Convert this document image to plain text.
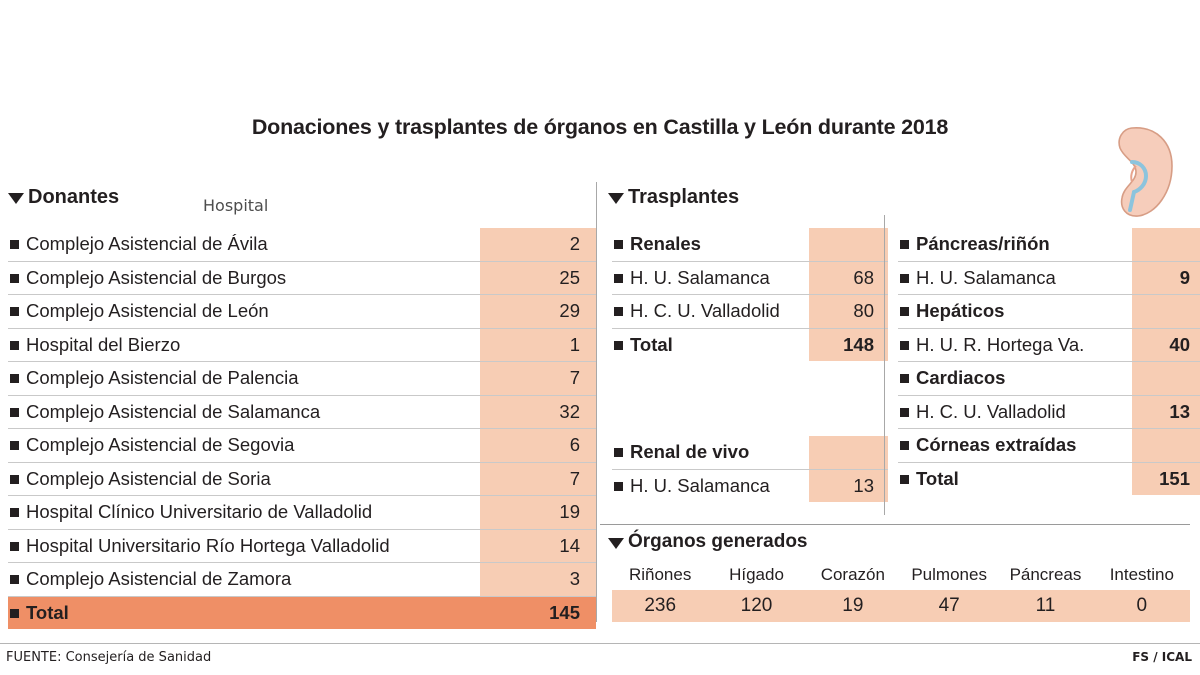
Donaciones y trasplantes de órganos en Castilla y León durante 2018
Donantes	Hospital
Complejo Asistencial de Ávila	2
Complejo Asistencial de Burgos	25
Complejo Asistencial de León	29
Hospital del Bierzo	1
Complejo Asistencial de Palencia	7
Complejo Asistencial de Salamanca	32
Complejo Asistencial de Segovia	6
Complejo Asistencial de Soria	7
Hospital Clínico Universitario de Valladolid	19
Hospital Universitario Río Hortega Valladolid	14
Complejo Asistencial de Zamora	3
Total	145
Trasplantes
Renales	
H. U. Salamanca	68
H. C. U. Valladolid	80
Total	148
Renal de vivo	
H. U. Salamanca	13
Páncreas/riñón	
H. U. Salamanca	9
Hepáticos	
H. U. R. Hortega Va.	40
Cardiacos	
H. C. U. Valladolid	13
Córneas extraídas	
Total	151
Órganos generados
Riñones	Hígado	Corazón	Pulmones	Páncreas	Intestino
236	120	19	47	11	0
FUENTE: Consejería de Sanidad	FS / ICAL
